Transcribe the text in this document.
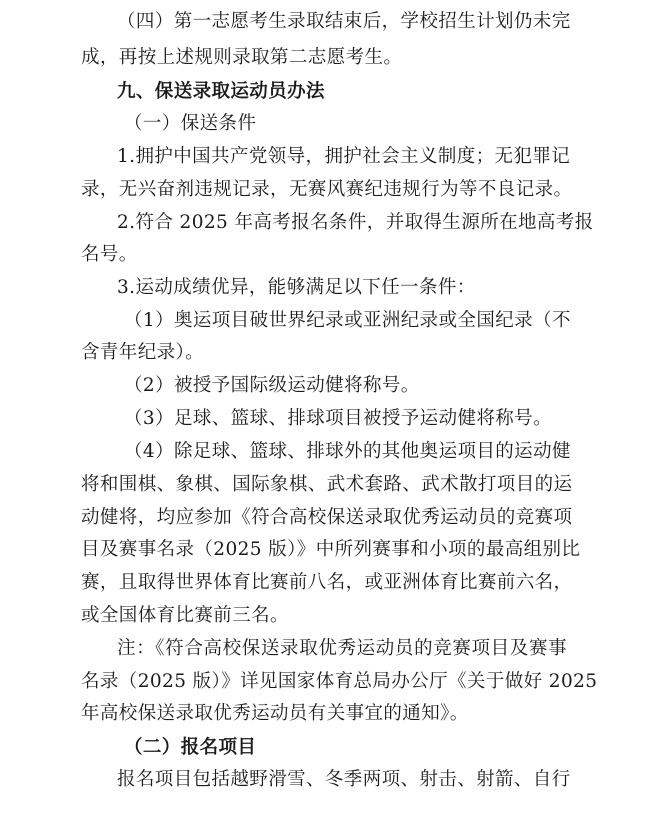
（四）第一志愿考生录取结束后，学校招生计划仍未完
成，再按上述规则录取第二志愿考生。
九、保送录取运动员办法
（一）保送条件
1.拥护中国共产党领导，拥护社会主义制度；无犯罪记
录，无兴奋剂违规记录，无赛风赛纪违规行为等不良记录。
2.符合 2025 年高考报名条件，并取得生源所在地高考报
名号。
3.运动成绩优异，能够满足以下任一条件：
（1）奥运项目破世界纪录或亚洲纪录或全国纪录（不
含青年纪录）。
（2）被授予国际级运动健将称号。
（3）足球、篮球、排球项目被授予运动健将称号。
（4）除足球、篮球、排球外的其他奥运项目的运动健
将和围棋、象棋、国际象棋、武术套路、武术散打项目的运
动健将，均应参加《符合高校保送录取优秀运动员的竞赛项
目及赛事名录（2025 版）》中所列赛事和小项的最高组别比
赛，且取得世界体育比赛前八名，或亚洲体育比赛前六名，
或全国体育比赛前三名。
注：《符合高校保送录取优秀运动员的竞赛项目及赛事
名录（2025 版）》详见国家体育总局办公厅《关于做好 2025
年高校保送录取优秀运动员有关事宜的通知》。
（二）报名项目
报名项目包括越野滑雪、冬季两项、射击、射箭、自行
